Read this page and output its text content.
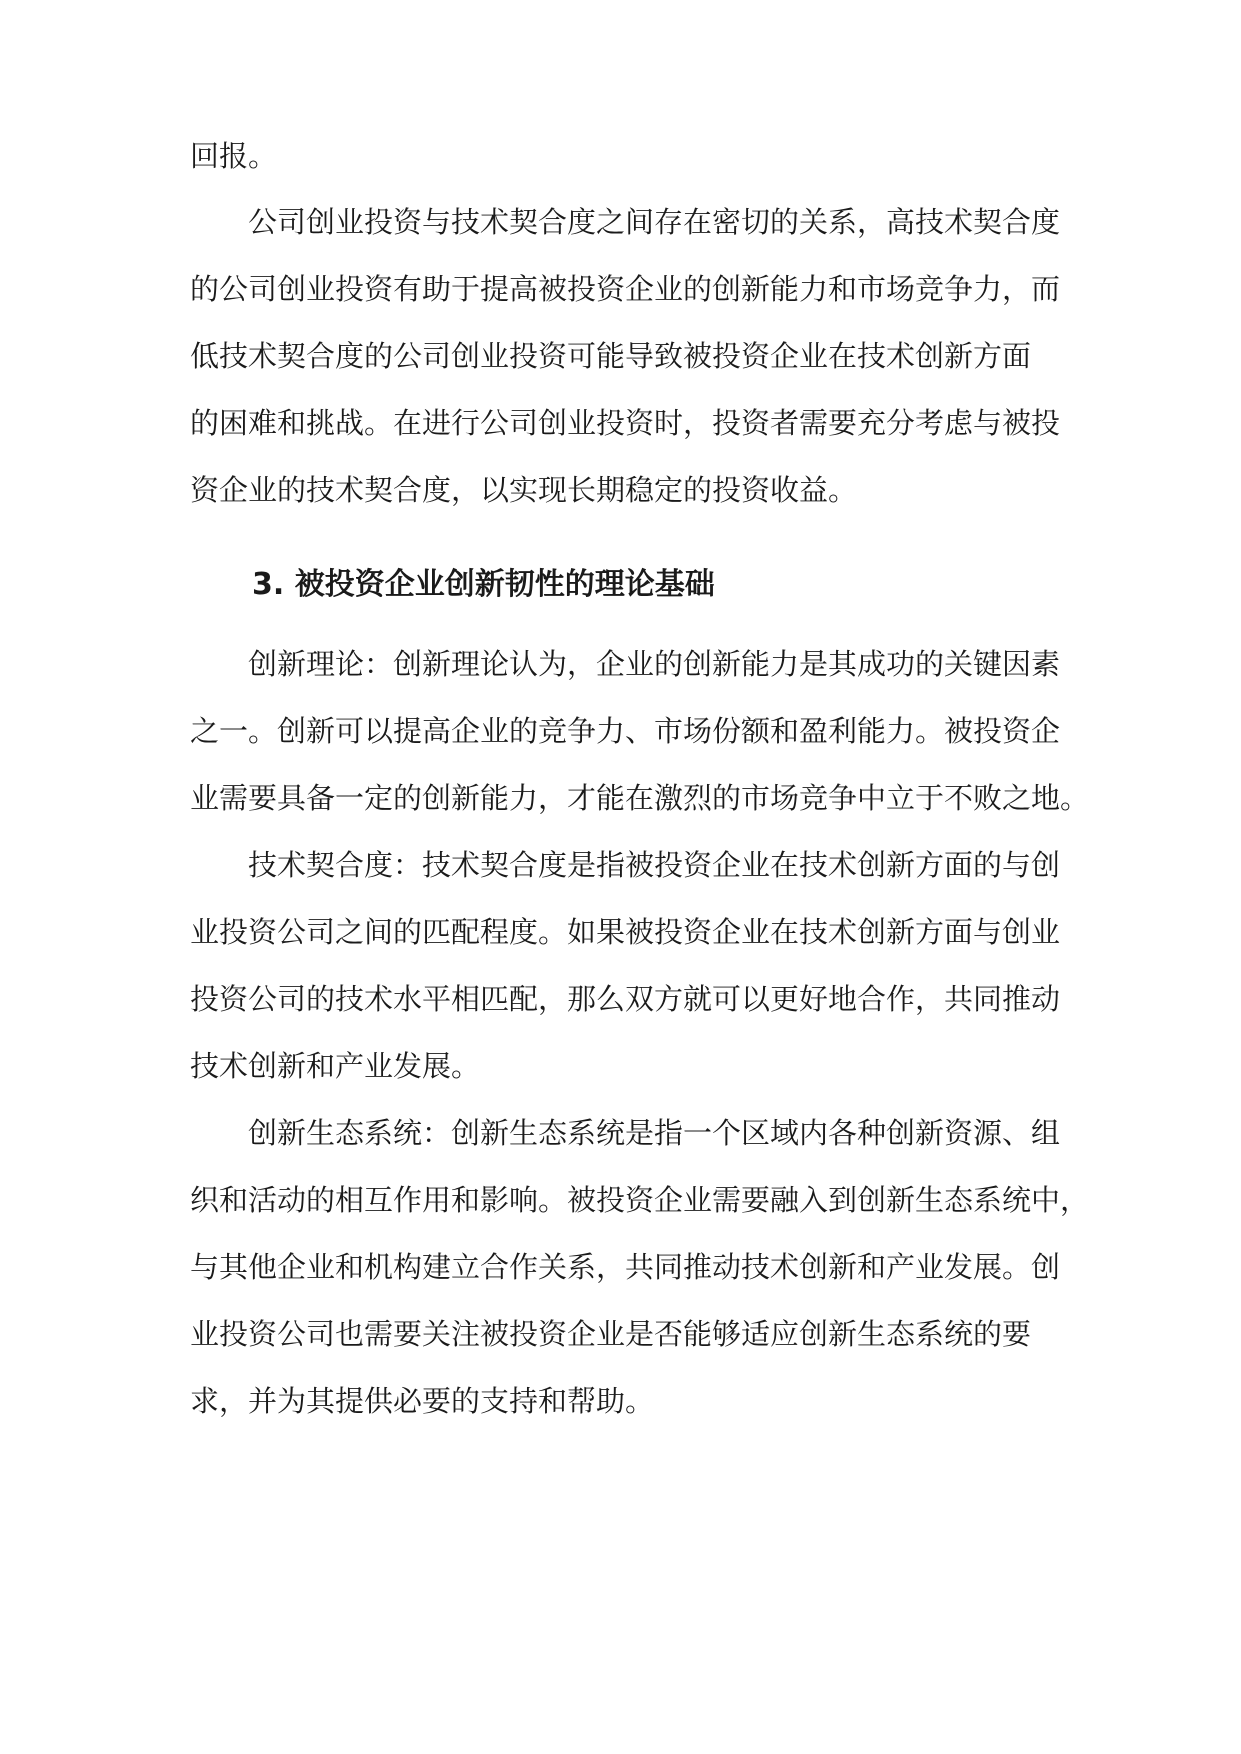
回报。

公司创业投资与技术契合度之间存在密切的关系，高技术契合度

的公司创业投资有助于提高被投资企业的创新能力和市场竞争力，而

低技术契合度的公司创业投资可能导致被投资企业在技术创新方面

的困难和挑战。在进行公司创业投资时，投资者需要充分考虑与被投

资企业的技术契合度，以实现长期稳定的投资收益。

3. 被投资企业创新韧性的理论基础

创新理论：创新理论认为，企业的创新能力是其成功的关键因素

之一。创新可以提高企业的竞争力、市场份额和盈利能力。被投资企

业需要具备一定的创新能力，才能在激烈的市场竞争中立于不败之地。

技术契合度：技术契合度是指被投资企业在技术创新方面的与创

业投资公司之间的匹配程度。如果被投资企业在技术创新方面与创业

投资公司的技术水平相匹配，那么双方就可以更好地合作，共同推动

技术创新和产业发展。

创新生态系统：创新生态系统是指一个区域内各种创新资源、组

织和活动的相互作用和影响。被投资企业需要融入到创新生态系统中，

与其他企业和机构建立合作关系，共同推动技术创新和产业发展。创

业投资公司也需要关注被投资企业是否能够适应创新生态系统的要

求，并为其提供必要的支持和帮助。
